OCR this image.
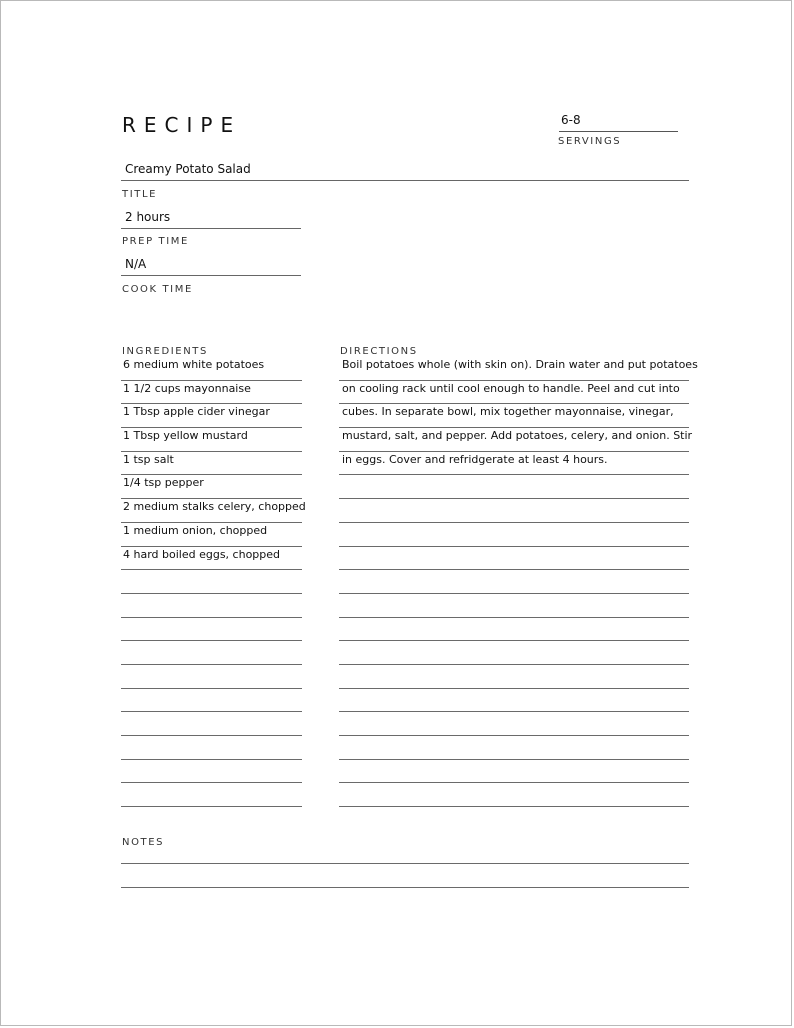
RECIPE	6-8
SERVINGS
Creamy Potato Salad
TITLE
2 hours
PREP TIME
N/A
COOK TIME
INGREDIENTS
6 medium white potatoes
1 1/2 cups mayonnaise
1 Tbsp apple cider vinegar
1 Tbsp yellow mustard
1 tsp salt
1/4 tsp pepper
2 medium stalks celery, chopped
1 medium onion, chopped
4 hard boiled eggs, chopped
DIRECTIONS
Boil potatoes whole (with skin on). Drain water and put potatoes
on cooling rack until cool enough to handle. Peel and cut into
cubes. In separate bowl, mix together mayonnaise, vinegar,
mustard, salt, and pepper. Add potatoes, celery, and onion. Stir
in eggs. Cover and refridgerate at least 4 hours.
NOTES
